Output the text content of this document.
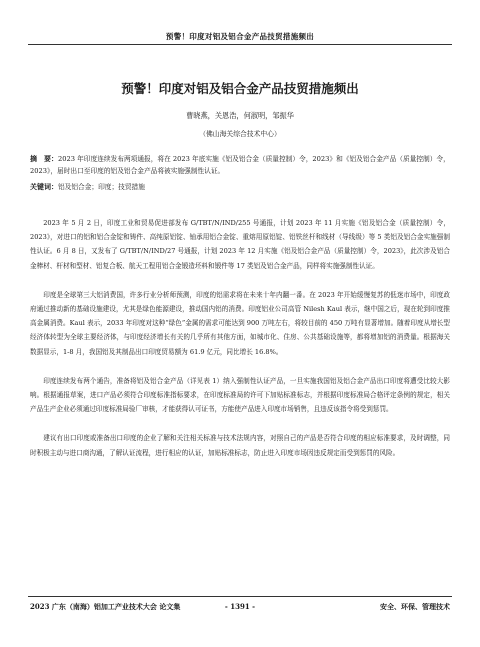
预警！印度对铝及铝合金产品技贸措施频出
预警！印度对铝及铝合金产品技贸措施频出
曹晓燕，关恩浩，何淑明，邹振华
（佛山海关综合技术中心）
摘　要：2023 年印度连续发布两项通报，将在 2023 年底实施《铝及铝合金（质量控制）令，2023》和《铝及铝合金产品（质量控制）令，2023》，届时出口至印度的铝及铝合金产品将被实施强制性认证。
关键词：铝及铝合金；印度；技贸措施

2023 年 5 月 2 日，印度工业和贸易促进部发布 G/TBT/N/IND/255 号通报，计划 2023 年 11 月实施《铝及铝合金（质量控制）令，2023》，对进口的铝和铝合金锭和铸件、高纯原铝锭、铀承用铝合金锭、重熔用原铝锭、铝铁丝杆和线材（导线级）等 5 类铝及铝合金实施强制性认证。6 月 8 日，又发布了 G/TBT/N/IND/27 号通报，计划 2023 年 12 月实施《铝及铝合金产品（质量控制）令，2023》，此次涉及铝合金棒材、杆材和型材、铝复合板、航天工程用铝合金锻造坯料和锻件等 17 类铝及铝合金产品，同样将实施强制性认证。

印度是全球第三大铝消费国，许多行业分析师预测，印度的铝需求将在未来十年内翻一番。在 2023 年开始缓慢复苏的低迷市场中，印度政府通过推动新的基础设施建设，尤其是绿色能源建设，推动国内铝的消费。印度铝业公司高管 Nilesh Kaul 表示，继中国之后，现在轮到印度推高金属消费。Kaul 表示，2033 年印度对这种“绿色”金属的需求可能达到 900 万吨左右，将较目前的 450 万吨有显著增加。随着印度从增长型经济体转型为全球主要经济体，与印度经济增长有关的几乎所有其他方面，如城市化、住房、公共基础设施等，都将增加铝的消费量。根据海关数据显示，1-8 月，我国铝及其制品出口印度贸易额为 61.9 亿元，同比增长 16.8%。

印度连续发布两个通告，准备将铝及铝合金产品（详见表 1）纳入强制性认证产品，一旦实施我国铝及铝合金产品出口印度将遭受比较大影响。根据通报草案，进口产品必须符合印度标准指标要求，在印度标准局的许可下加贴标准标志，并根据印度标准局合格评定条例的规定，相关产品生产企业必须通过印度标准局验厂审核，才能获得认可证书，方能使产品进入印度市场销售，且违反该指令将受到惩罚。

建议有出口印度或准备出口印度的企业了解和关注相关标准与技术法规内容，对照自己的产品是否符合印度的相应标准要求，及时调整，同时积极主动与进口商沟通，了解认证流程，进行相应的认证，加贴标准标志，防止进入印度市场因违反规定而受到惩罚的风险。

2023 广东（南海）铝加工产业技术大会 论文集	- 1391 -	安全、环保、管理技术
